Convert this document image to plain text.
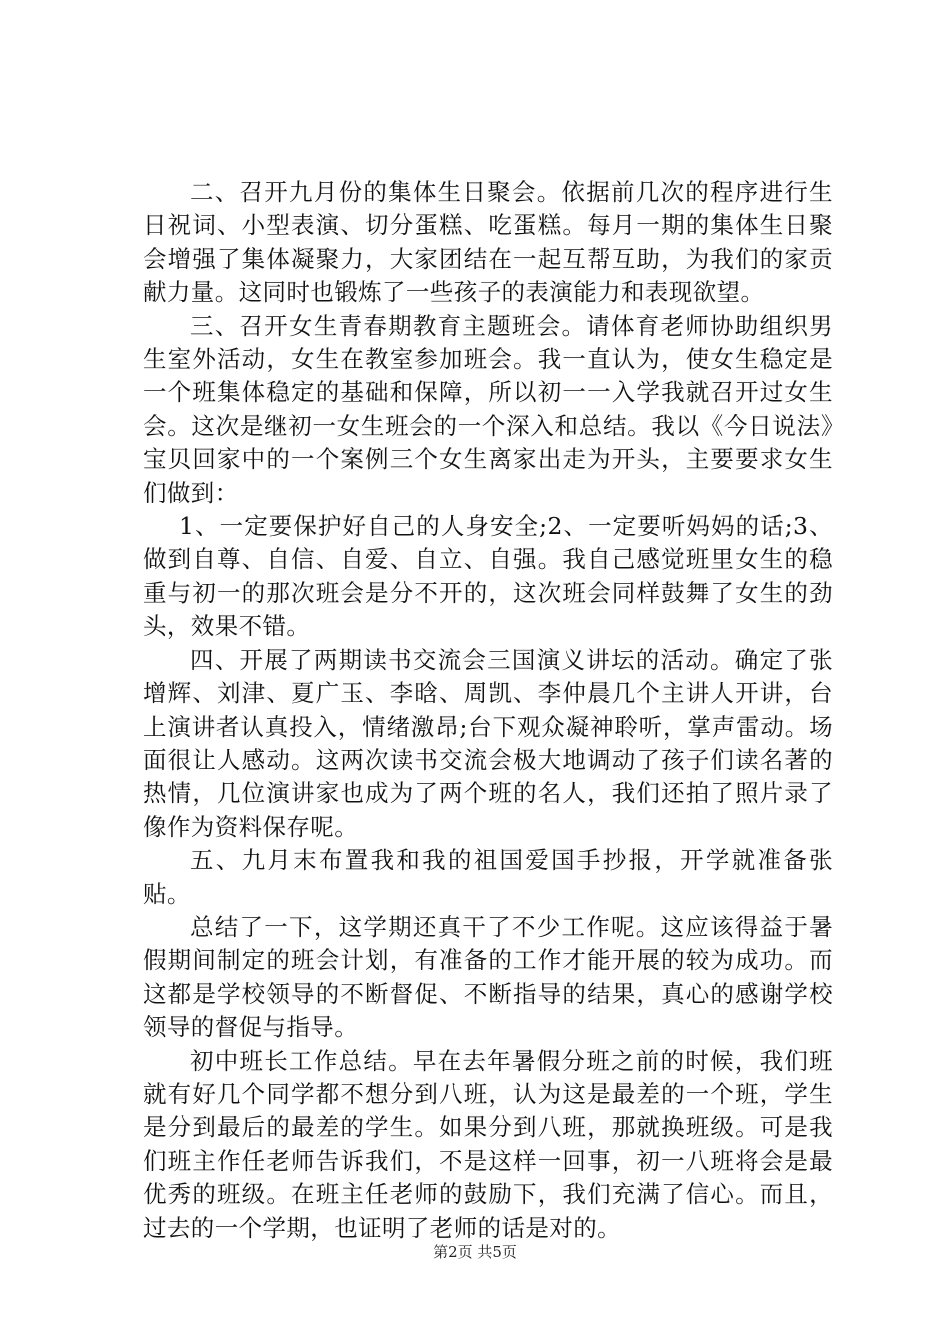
二、召开九月份的集体生日聚会。依据前几次的程序进行生日祝词、小型表演、切分蛋糕、吃蛋糕。每月一期的集体生日聚会增强了集体凝聚力，大家团结在一起互帮互助，为我们的家贡献力量。这同时也锻炼了一些孩子的表演能力和表现欲望。

三、召开女生青春期教育主题班会。请体育老师协助组织男生室外活动，女生在教室参加班会。我一直认为，使女生稳定是一个班集体稳定的基础和保障，所以初一一入学我就召开过女生会。这次是继初一女生班会的一个深入和总结。我以《今日说法》宝贝回家中的一个案例三个女生离家出走为开头，主要要求女生们做到：

1、一定要保护好自己的人身安全;2、一定要听妈妈的话;3、做到自尊、自信、自爱、自立、自强。我自己感觉班里女生的稳重与初一的那次班会是分不开的，这次班会同样鼓舞了女生的劲头，效果不错。

四、开展了两期读书交流会三国演义讲坛的活动。确定了张增辉、刘津、夏广玉、李晗、周凯、李仲晨几个主讲人开讲，台上演讲者认真投入，情绪激昂;台下观众凝神聆听，掌声雷动。场面很让人感动。这两次读书交流会极大地调动了孩子们读名著的热情，几位演讲家也成为了两个班的名人，我们还拍了照片录了像作为资料保存呢。

五、九月末布置我和我的祖国爱国手抄报，开学就准备张贴。

总结了一下，这学期还真干了不少工作呢。这应该得益于暑假期间制定的班会计划，有准备的工作才能开展的较为成功。而这都是学校领导的不断督促、不断指导的结果，真心的感谢学校领导的督促与指导。

初中班长工作总结。早在去年暑假分班之前的时候，我们班就有好几个同学都不想分到八班，认为这是最差的一个班，学生是分到最后的最差的学生。如果分到八班，那就换班级。可是我们班主作任老师告诉我们，不是这样一回事，初一八班将会是最优秀的班级。在班主任老师的鼓励下，我们充满了信心。而且，过去的一个学期，也证明了老师的话是对的。

第2页 共5页
